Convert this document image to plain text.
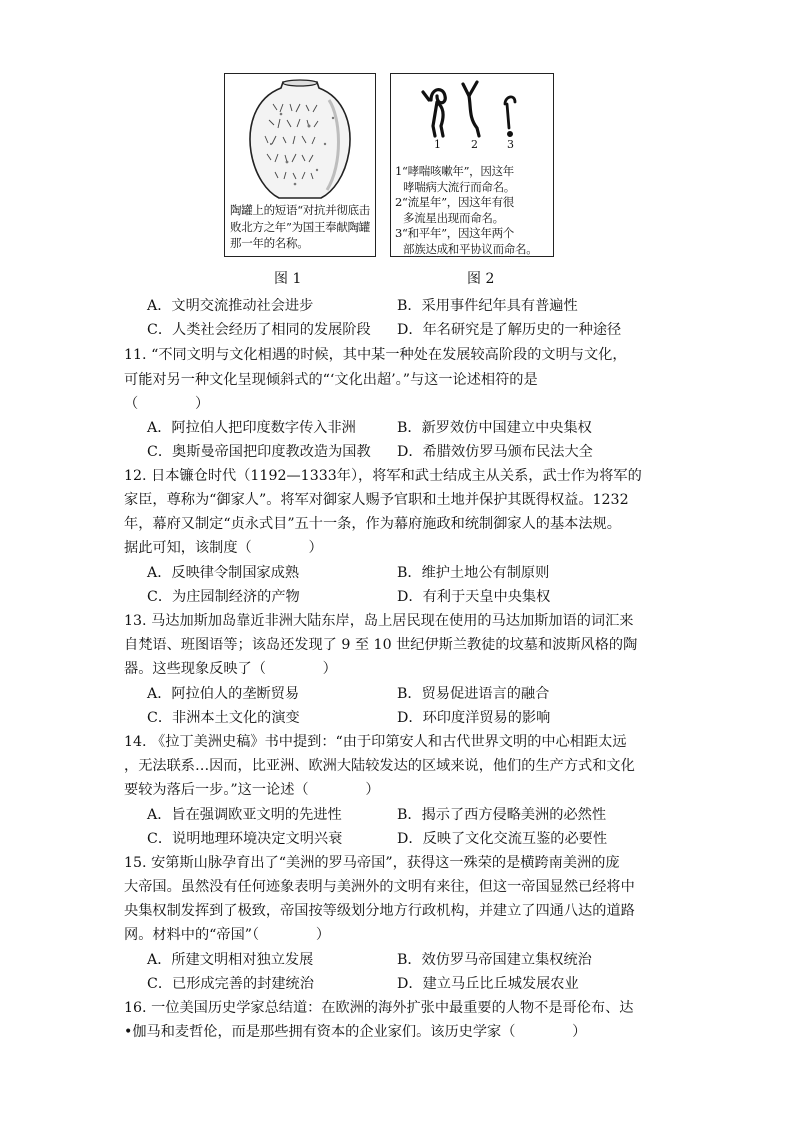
陶罐上的短语“对抗并彻底击败北方之年”为国王奉献陶罐那一年的名称。
1	2	3
1“哮喘咳嗽年”，因这年
哮喘病大流行而命名。
2“流星年”，因这年有很
多流星出现而命名。
3“和平年”，因这年两个
部族达成和平协议而命名。
图 1	图 2
A．文明交流推动社会进步	B．采用事件纪年具有普遍性
C．人类社会经历了相同的发展阶段 D．年名研究是了解历史的一种途径
11. “不同文明与文化相遇的时候，其中某一种处在发展较高阶段的文明与文化，
可能对另一种文化呈现倾斜式的“‘文化出超’。”与这一论述相符的是
（　　　　）
A．阿拉伯人把印度数字传入非洲	B．新罗效仿中国建立中央集权
C．奥斯曼帝国把印度教改造为国教 D．希腊效仿罗马颁布民法大全
12. 日本镰仓时代（1192—1333年），将军和武士结成主从关系，武士作为将军的
家臣，尊称为“御家人”。将军对御家人赐予官职和土地并保护其既得权益。1232
年，幕府又制定“贞永式目”五十一条，作为幕府施政和统制御家人的基本法规。
据此可知，该制度（　　　　）
A．反映律令制国家成熟	B．维护土地公有制原则
C．为庄园制经济的产物	D．有利于天皇中央集权
13. 马达加斯加岛靠近非洲大陆东岸，岛上居民现在使用的马达加斯加语的词汇来
自梵语、班图语等；该岛还发现了 9 至 10 世纪伊斯兰教徒的坟墓和波斯风格的陶
器。这些现象反映了（　　　　）
A．阿拉伯人的垄断贸易	B．贸易促进语言的融合
C．非洲本土文化的演变	D．环印度洋贸易的影响
14. 《拉丁美洲史稿》书中提到：“由于印第安人和古代世界文明的中心相距太远
，无法联系…因而，比亚洲、欧洲大陆较发达的区域来说，他们的生产方式和文化
要较为落后一步。”这一论述（　　　　）
A．旨在强调欧亚文明的先进性	B．揭示了西方侵略美洲的必然性
C．说明地理环境决定文明兴衰	D．反映了文化交流互鉴的必要性
15. 安第斯山脉孕育出了“美洲的罗马帝国”，获得这一殊荣的是横跨南美洲的庞
大帝国。虽然没有任何迹象表明与美洲外的文明有来往，但这一帝国显然已经将中
央集权制发挥到了极致，帝国按等级划分地方行政机构，并建立了四通八达的道路
网。材料中的“帝国”（　　　　）
A．所建文明相对独立发展	B．效仿罗马帝国建立集权统治
C．已形成完善的封建统治	D．建立马丘比丘城发展农业
16. 一位美国历史学家总结道：在欧洲的海外扩张中最重要的人物不是哥伦布、达
•伽马和麦哲伦，而是那些拥有资本的企业家们。该历史学家（　　　　）
